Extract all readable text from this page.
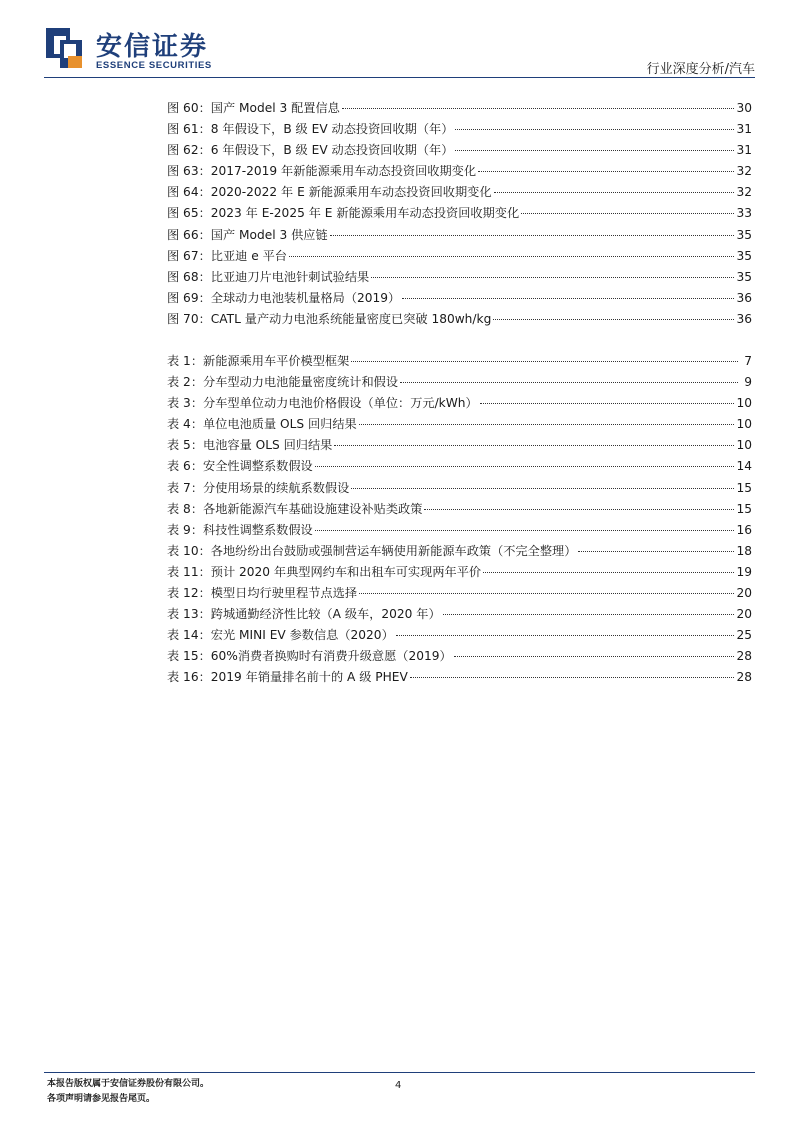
安信证券
ESSENCE SECURITIES	行业深度分析/汽车
图 60：国产 Model 3 配置信息	30
图 61：8 年假设下，B 级 EV 动态投资回收期（年）	31
图 62：6 年假设下，B 级 EV 动态投资回收期（年）	31
图 63：2017-2019 年新能源乘用车动态投资回收期变化	32
图 64：2020-2022 年 E 新能源乘用车动态投资回收期变化	32
图 65：2023 年 E-2025 年 E 新能源乘用车动态投资回收期变化	33
图 66：国产 Model 3 供应链	35
图 67：比亚迪 e 平台	35
图 68：比亚迪刀片电池针刺试验结果	35
图 69：全球动力电池装机量格局（2019）	36
图 70：CATL 量产动力电池系统能量密度已突破 180wh/kg	36
表 1：新能源乘用车平价模型框架	7
表 2：分车型动力电池能量密度统计和假设	9
表 3：分车型单位动力电池价格假设（单位：万元/kWh）	10
表 4：单位电池质量 OLS 回归结果	10
表 5：电池容量 OLS 回归结果	10
表 6：安全性调整系数假设	14
表 7：分使用场景的续航系数假设	15
表 8：各地新能源汽车基础设施建设补贴类政策	15
表 9：科技性调整系数假设	16
表 10：各地纷纷出台鼓励或强制营运车辆使用新能源车政策（不完全整理）	18
表 11：预计 2020 年典型网约车和出租车可实现两年平价	19
表 12：模型日均行驶里程节点选择	20
表 13：跨城通勤经济性比较（A 级车，2020 年）	20
表 14：宏光 MINI EV 参数信息（2020）	25
表 15：60%消费者换购时有消费升级意愿（2019）	28
表 16：2019 年销量排名前十的 A 级 PHEV	28
本报告版权属于安信证券股份有限公司。
各项声明请参见报告尾页。
4
